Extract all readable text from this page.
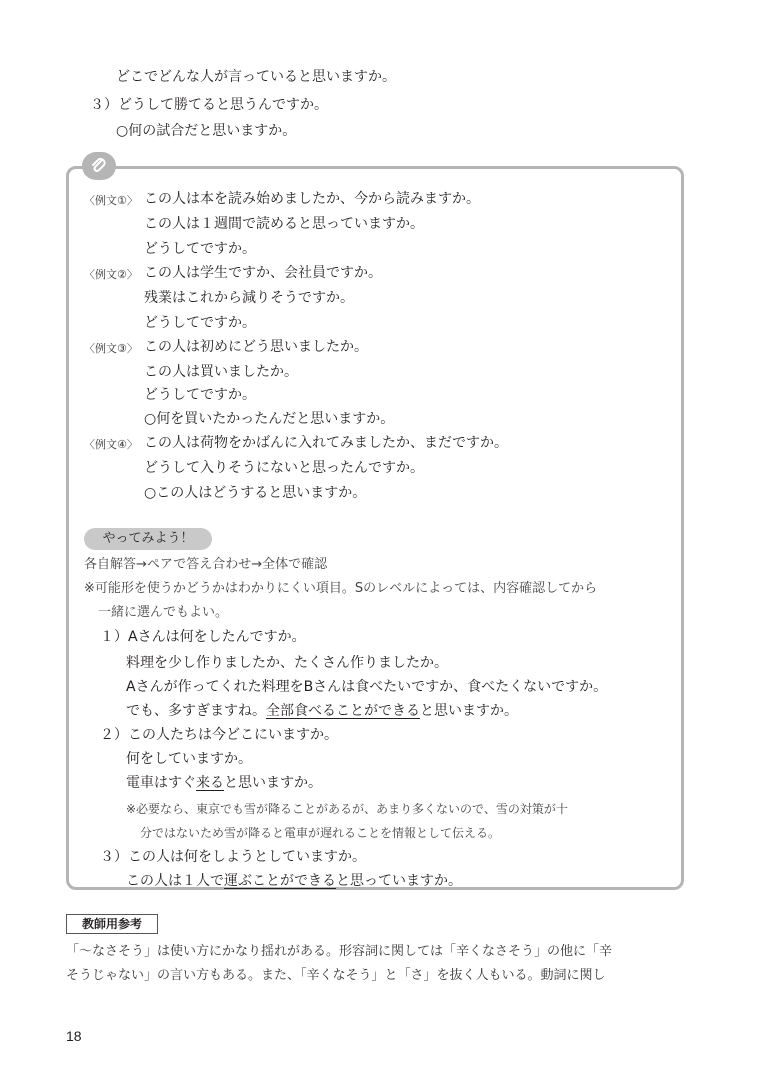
どこでどんな人が言っていると思いますか。
３）どうして勝てると思うんですか。
○何の試合だと思いますか。
〈例文①〉 この人は本を読み始めましたか、今から読みますか。
この人は１週間で読めると思っていますか。
どうしてですか。
〈例文②〉 この人は学生ですか、会社員ですか。
残業はこれから減りそうですか。
どうしてですか。
〈例文③〉 この人は初めにどう思いましたか。
この人は買いましたか。
どうしてですか。
○何を買いたかったんだと思いますか。
〈例文④〉 この人は荷物をかばんに入れてみましたか、まだですか。
どうして入りそうにないと思ったんですか。
○この人はどうすると思いますか。
やってみよう！
各自解答→ペアで答え合わせ→全体で確認
※可能形を使うかどうかはわかりにくい項目。Sのレベルによっては、内容確認してから
一緒に選んでもよい。
１）Aさんは何をしたんですか。
料理を少し作りましたか、たくさん作りましたか。
Aさんが作ってくれた料理をBさんは食べたいですか、食べたくないですか。
でも、多すぎますね。全部食べることができると思いますか。
２）この人たちは今どこにいますか。
何をしていますか。
電車はすぐ来ると思いますか。
※必要なら、東京でも雪が降ることがあるが、あまり多くないので、雪の対策が十
分ではないため雪が降ると電車が遅れることを情報として伝える。
３）この人は何をしようとしていますか。
この人は１人で運ぶことができると思っていますか。
教師用参考
「～なさそう」は使い方にかなり揺れがある。形容詞に関しては「辛くなさそう」の他に「辛
そうじゃない」の言い方もある。また、「辛くなそう」と「さ」を抜く人もいる。動詞に関し
18
